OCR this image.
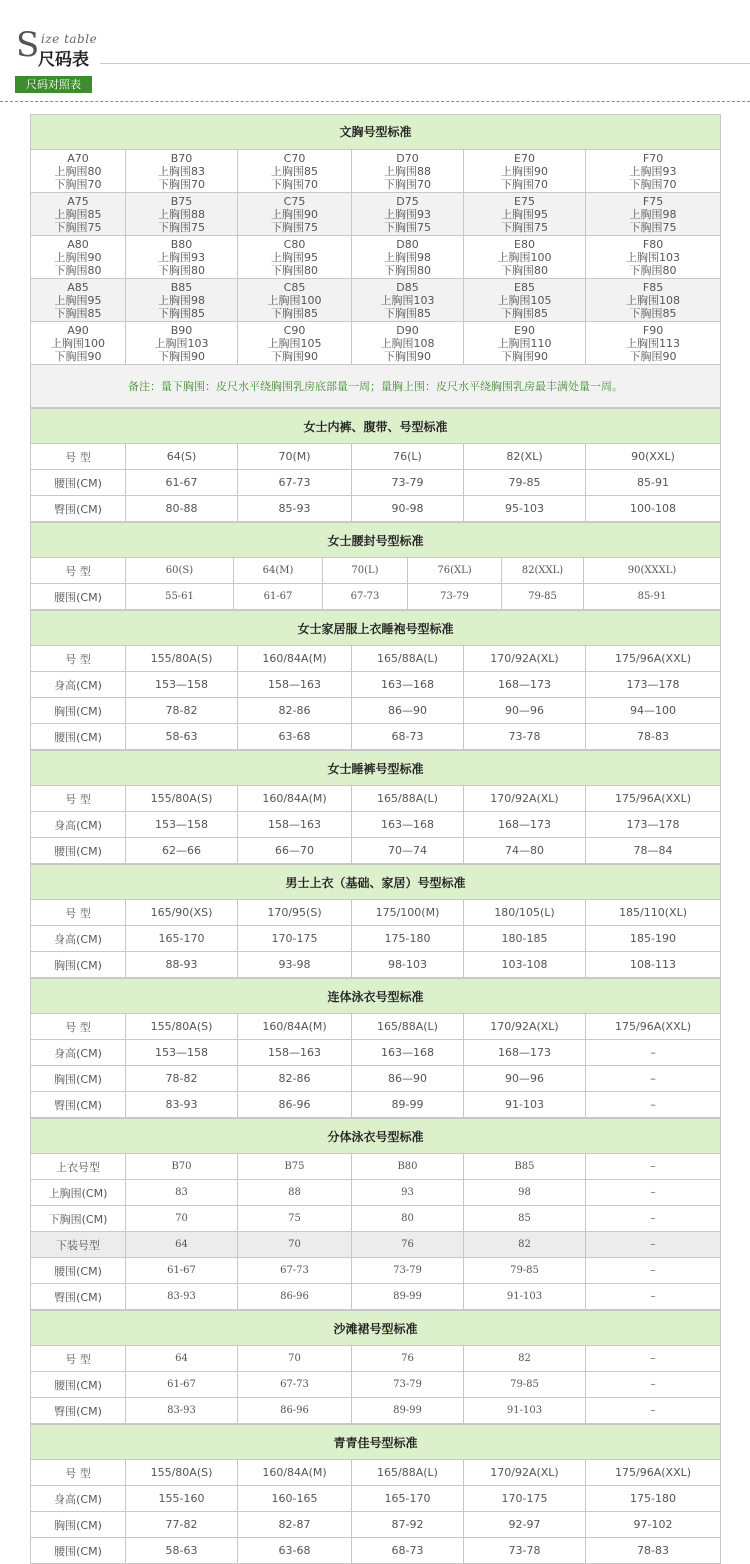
S ize table
尺码表
尺码对照表
文胸号型标准					

A70
上胸围80
下胸围70	B70
上胸围83
下胸围70	C70
上胸围85
下胸围70	D70
上胸围88
下胸围70	E70
上胸围90
下胸围70	F70
上胸围93
下胸围70

A75
上胸围85
下胸围75	B75
上胸围88
下胸围75	C75
上胸围90
下胸围75	D75
上胸围93
下胸围75	E75
上胸围95
下胸围75	F75
上胸围98
下胸围75

A80
上胸围90
下胸围80	B80
上胸围93
下胸围80	C80
上胸围95
下胸围80	D80
上胸围98
下胸围80	E80
上胸围100
下胸围80	F80
上胸围103
下胸围80

A85
上胸围95
下胸围85	B85
上胸围98
下胸围85	C85
上胸围100
下胸围85	D85
上胸围103
下胸围85	E85
上胸围105
下胸围85	F85
上胸围108
下胸围85

A90
上胸围100
下胸围90	B90
上胸围103
下胸围90	C90
上胸围105
下胸围90	D90
上胸围108
下胸围90	E90
上胸围110
下胸围90	F90
上胸围113
下胸围90

备注：量下胸围：皮尺水平绕胸围乳房底部量一周；量胸上围：皮尺水平绕胸围乳房最丰满处量一周。					
女士内裤、腹带、号型标准					
号 型	64(S)	70(M)	76(L)	82(XL)	90(XXL)
腰围(CM)	61-67	67-73	73-79	79-85	85-91
臀围(CM)	80-88	85-93	90-98	95-103	100-108
女士腰封号型标准						
号 型	60(S)	64(M)	70(L)	76(XL)	82(XXL)	90(XXXL)
腰围(CM)	55-61	61-67	67-73	73-79	79-85	85-91
女士家居服上衣睡袍号型标准					
号 型	155/80A(S)	160/84A(M)	165/88A(L)	170/92A(XL)	175/96A(XXL)
身高(CM)	153—158	158—163	163—168	168—173	173—178
胸围(CM)	78-82	82-86	86—90	90—96	94—100
腰围(CM)	58-63	63-68	68-73	73-78	78-83
女士睡裤号型标准					
号 型	155/80A(S)	160/84A(M)	165/88A(L)	170/92A(XL)	175/96A(XXL)
身高(CM)	153—158	158—163	163—168	168—173	173—178
腰围(CM)	62—66	66—70	70—74	74—80	78—84
男士上衣（基础、家居）号型标准					
号 型	165/90(XS)	170/95(S)	175/100(M)	180/105(L)	185/110(XL)
身高(CM)	165-170	170-175	175-180	180-185	185-190
胸围(CM)	88-93	93-98	98-103	103-108	108-113
连体泳衣号型标准					
号 型	155/80A(S)	160/84A(M)	165/88A(L)	170/92A(XL)	175/96A(XXL)
身高(CM)	153—158	158—163	163—168	168—173	–
胸围(CM)	78-82	82-86	86—90	90—96	–
臀围(CM)	83-93	86-96	89-99	91-103	–
分体泳衣号型标准					
上衣号型	B70	B75	B80	B85	–
上胸围(CM)	83	88	93	98	–
下胸围(CM)	70	75	80	85	–
下装号型	64	70	76	82	–
腰围(CM)	61-67	67-73	73-79	79-85	–
臀围(CM)	83-93	86-96	89-99	91-103	–
沙滩裙号型标准					
号 型	64	70	76	82	–
腰围(CM)	61-67	67-73	73-79	79-85	–
臀围(CM)	83-93	86-96	89-99	91-103	–
青青佳号型标准					
号 型	155/80A(S)	160/84A(M)	165/88A(L)	170/92A(XL)	175/96A(XXL)
身高(CM)	155-160	160-165	165-170	170-175	175-180
胸围(CM)	77-82	82-87	87-92	92-97	97-102
腰围(CM)	58-63	63-68	68-73	73-78	78-83
